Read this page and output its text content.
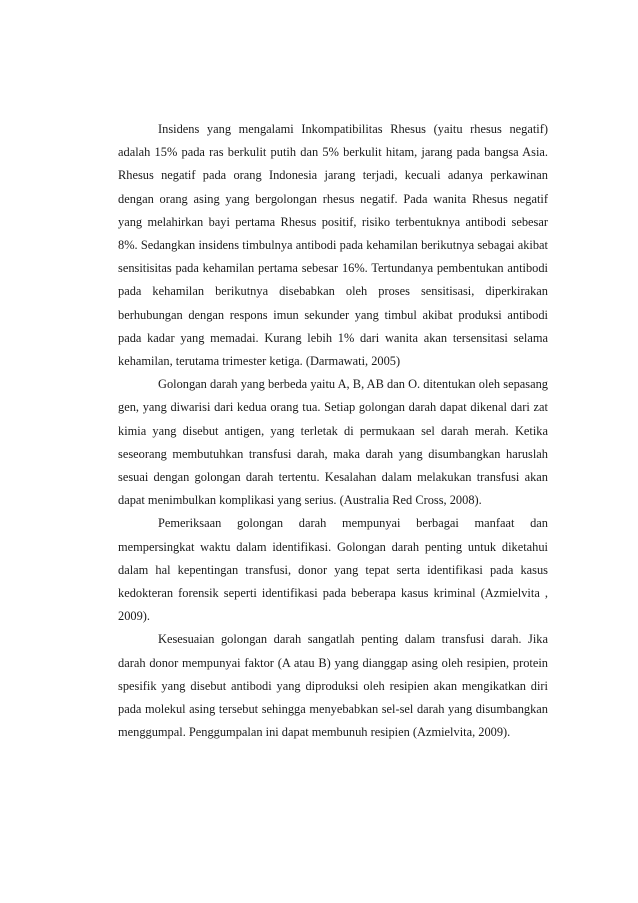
Insidens yang mengalami Inkompatibilitas Rhesus (yaitu rhesus negatif) adalah 15% pada ras berkulit putih dan 5% berkulit hitam, jarang pada bangsa Asia. Rhesus negatif pada orang Indonesia jarang terjadi, kecuali adanya perkawinan dengan orang asing yang bergolongan rhesus negatif. Pada wanita Rhesus negatif yang melahirkan bayi pertama Rhesus positif, risiko terbentuknya antibodi sebesar 8%. Sedangkan insidens timbulnya antibodi pada kehamilan berikutnya sebagai akibat sensitisitas pada kehamilan pertama sebesar 16%. Tertundanya pembentukan antibodi pada kehamilan berikutnya disebabkan oleh proses sensitisasi, diperkirakan berhubungan dengan respons imun sekunder yang timbul akibat produksi antibodi pada kadar yang memadai. Kurang lebih 1% dari wanita akan tersensitasi selama kehamilan, terutama trimester ketiga. (Darmawati, 2005)

Golongan darah yang berbeda yaitu A, B, AB dan O. ditentukan oleh sepasang gen, yang diwarisi dari kedua orang tua. Setiap golongan darah dapat dikenal dari zat kimia yang disebut antigen, yang terletak di permukaan sel darah merah. Ketika seseorang membutuhkan transfusi darah, maka darah yang disumbangkan haruslah sesuai dengan golongan darah tertentu. Kesalahan dalam melakukan transfusi akan dapat menimbulkan komplikasi yang serius. (Australia Red Cross, 2008).

Pemeriksaan golongan darah mempunyai berbagai manfaat dan mempersingkat waktu dalam identifikasi. Golongan darah penting untuk diketahui dalam hal kepentingan transfusi, donor yang tepat serta identifikasi pada kasus kedokteran forensik seperti identifikasi pada beberapa kasus kriminal (Azmielvita , 2009).

Kesesuaian golongan darah sangatlah penting dalam transfusi darah. Jika darah donor mempunyai faktor (A atau B) yang dianggap asing oleh resipien, protein spesifik yang disebut antibodi yang diproduksi oleh resipien akan mengikatkan diri pada molekul asing tersebut sehingga menyebabkan sel-sel darah yang disumbangkan menggumpal. Penggumpalan ini dapat membunuh resipien (Azmielvita, 2009).
